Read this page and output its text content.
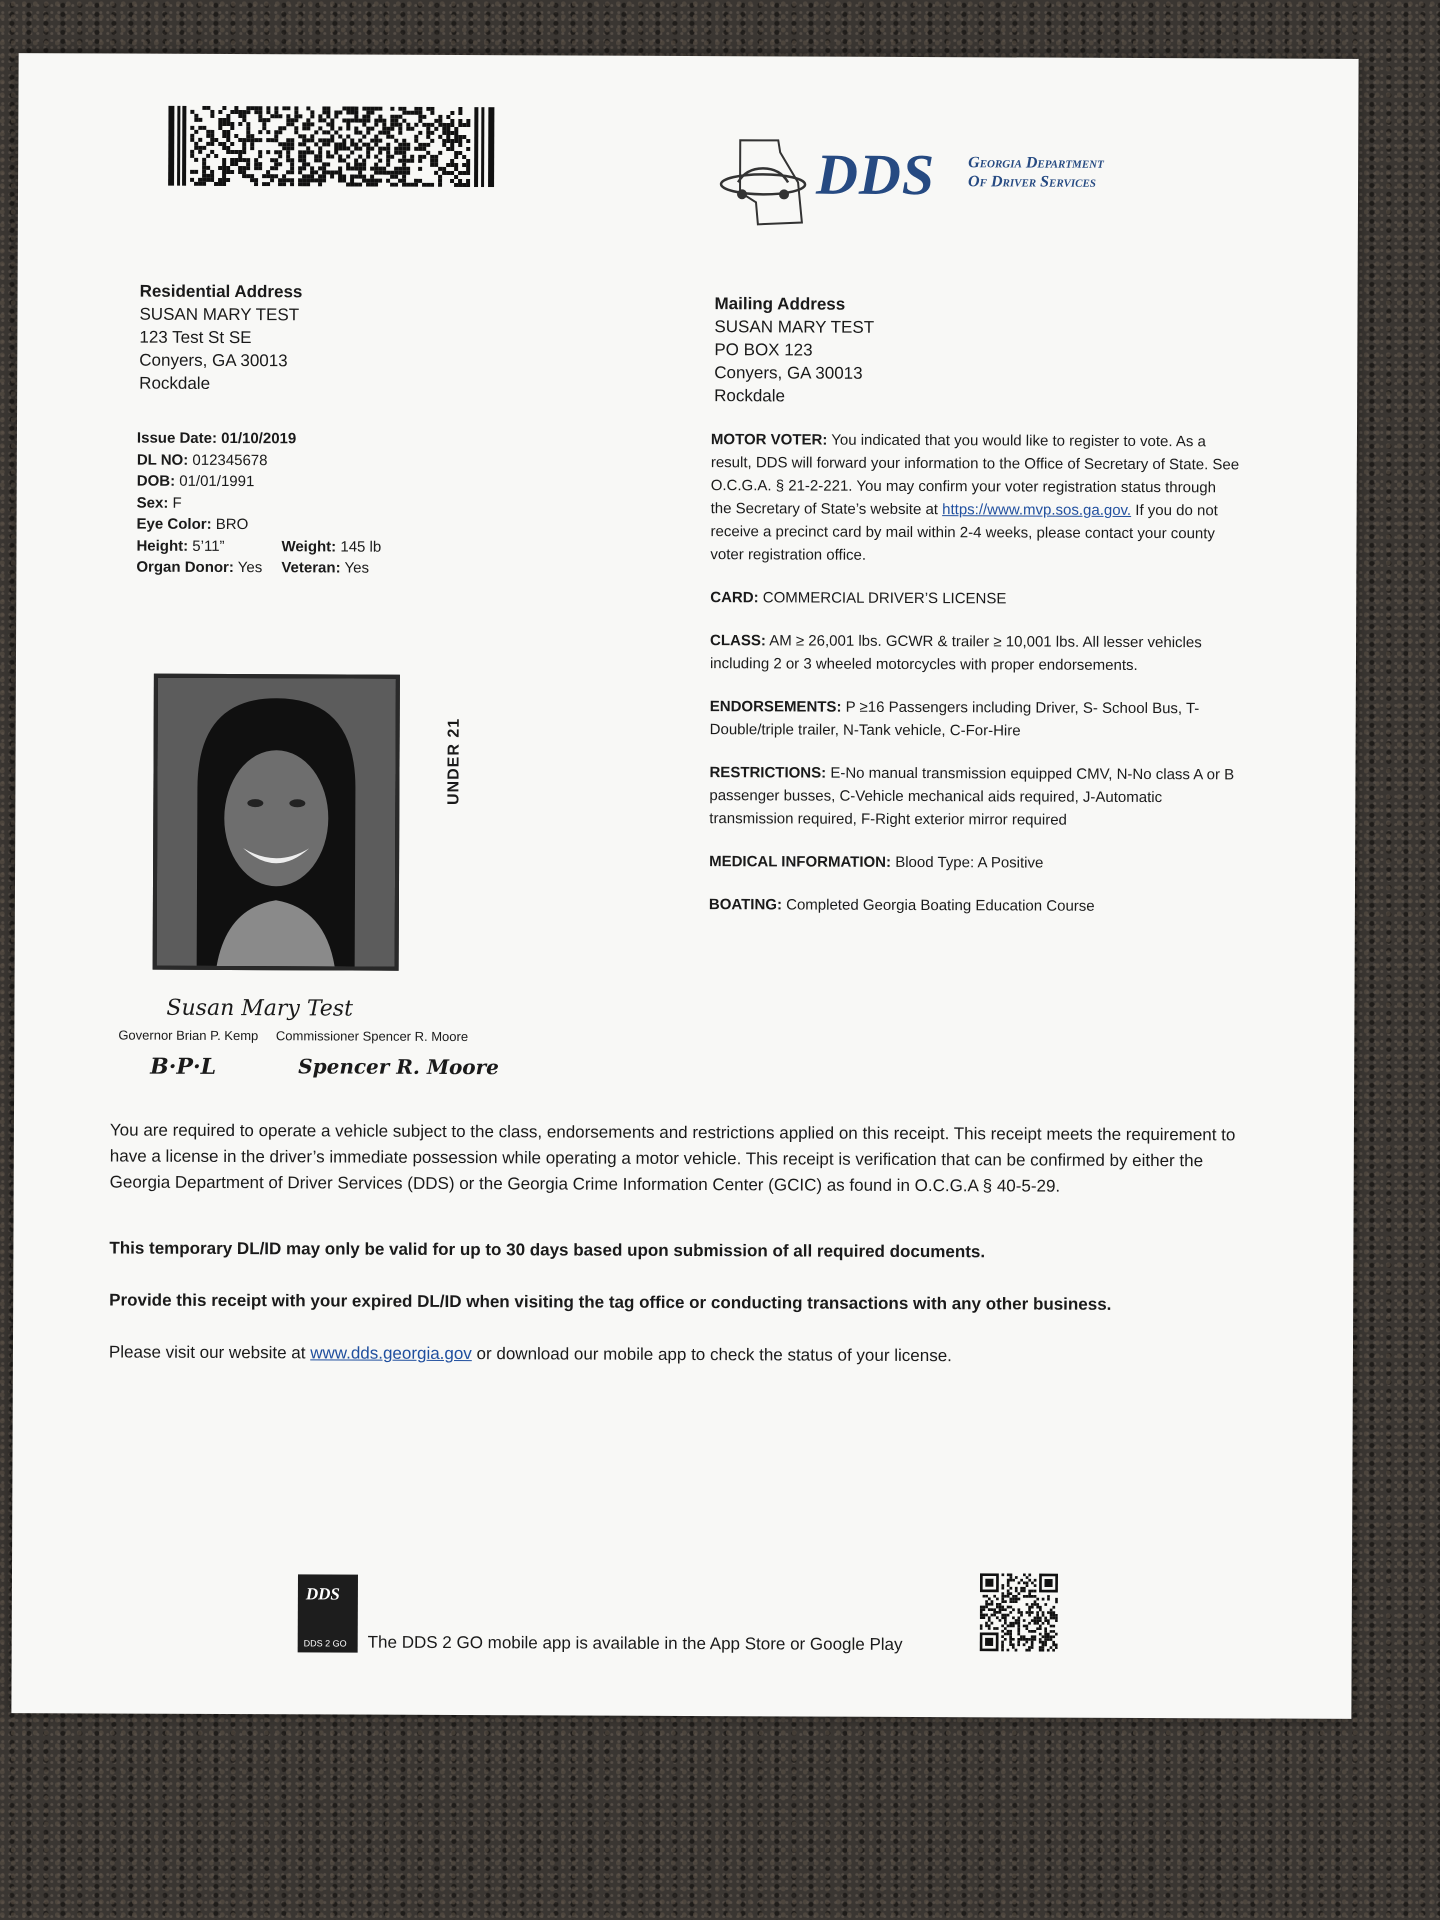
DDS Georgia Department
Of Driver Services
Residential Address
SUSAN MARY TEST
123 Test St SE
Conyers, GA 30013
Rockdale
Mailing Address
SUSAN MARY TEST
PO BOX 123
Conyers, GA 30013
Rockdale
Issue Date: 01/10/2019
DL NO: 012345678
DOB: 01/01/1991
Sex: F
Eye Color: BRO
Height: 5’11”	Weight: 145 lb
Organ Donor: Yes Veteran: Yes

MOTOR VOTER: You indicated that you would like to register to vote. As a result, DDS will forward your information to the Office of Secretary of State. See O.C.G.A. § 21-2-221. You may confirm your voter registration status through the Secretary of State’s website at https://www.mvp.sos.ga.gov. If you do not receive a precinct card by mail within 2-4 weeks, please contact your county voter registration office.

CARD: COMMERCIAL DRIVER’S LICENSE

CLASS: AM ≥ 26,001 lbs. GCWR & trailer ≥ 10,001 lbs. All lesser vehicles including 2 or 3 wheeled motorcycles with proper endorsements.

ENDORSEMENTS: P ≥16 Passengers including Driver, S- School Bus, T-Double/triple trailer, N-Tank vehicle, C-For-Hire

RESTRICTIONS: E-No manual transmission equipped CMV, N-No class A or B passenger busses, C-Vehicle mechanical aids required, J-Automatic transmission required, F-Right exterior mirror required

MEDICAL INFORMATION: Blood Type: A Positive

BOATING: Completed Georgia Boating Education Course

UNDER 21
Susan Mary Test
Governor Brian P. Kemp Commissioner Spencer R. Moore
B·P·L	Spencer R. Moore
You are required to operate a vehicle subject to the class, endorsements and restrictions applied on this receipt. This receipt meets the requirement to have a license in the driver’s immediate possession while operating a motor vehicle. This receipt is verification that can be confirmed by either the Georgia Department of Driver Services (DDS) or the Georgia Crime Information Center (GCIC) as found in O.C.G.A § 40-5-29.
This temporary DL/ID may only be valid for up to 30 days based upon submission of all required documents.
Provide this receipt with your expired DL/ID when visiting the tag office or conducting transactions with any other business.
Please visit our website at www.dds.georgia.gov or download our mobile app to check the status of your license.
DDS
DDS 2 GO The DDS 2 GO mobile app is available in the App Store or Google Play
